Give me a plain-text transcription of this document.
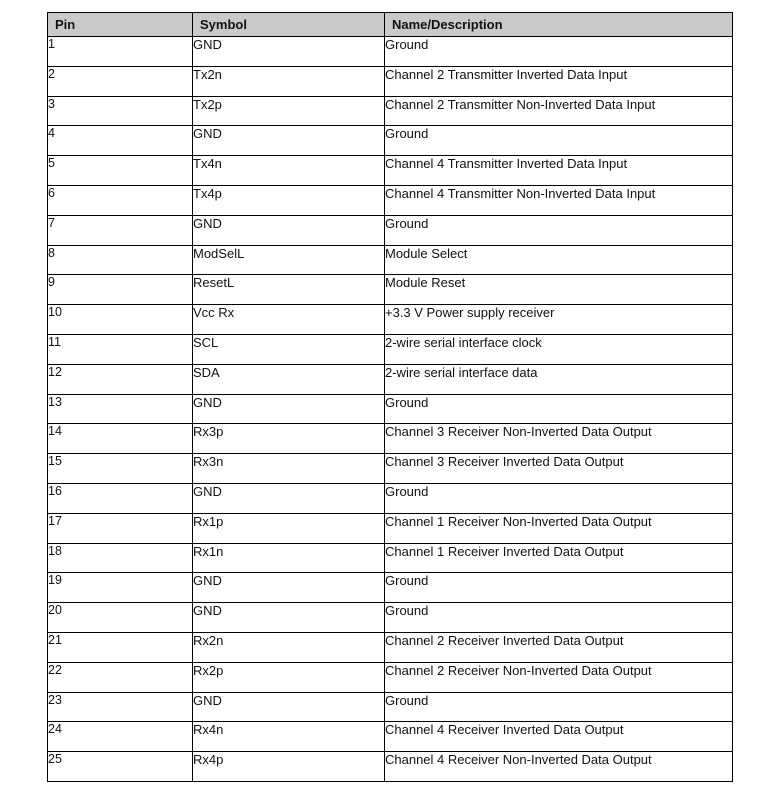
Pin	Symbol	Name/Description
1	GND	Ground
2	Tx2n	Channel 2 Transmitter Inverted Data Input
3	Tx2p	Channel 2 Transmitter Non-Inverted Data Input
4	GND	Ground
5	Tx4n	Channel 4 Transmitter Inverted Data Input
6	Tx4p	Channel 4 Transmitter Non-Inverted Data Input
7	GND	Ground
8	ModSelL	Module Select
9	ResetL	Module Reset
10	Vcc Rx	+3.3 V Power supply receiver
11	SCL	2-wire serial interface clock
12	SDA	2-wire serial interface data
13	GND	Ground
14	Rx3p	Channel 3 Receiver Non-Inverted Data Output
15	Rx3n	Channel 3 Receiver Inverted Data Output
16	GND	Ground
17	Rx1p	Channel 1 Receiver Non-Inverted Data Output
18	Rx1n	Channel 1 Receiver Inverted Data Output
19	GND	Ground
20	GND	Ground
21	Rx2n	Channel 2 Receiver Inverted Data Output
22	Rx2p	Channel 2 Receiver Non-Inverted Data Output
23	GND	Ground
24	Rx4n	Channel 4 Receiver Inverted Data Output
25	Rx4p	Channel 4 Receiver Non-Inverted Data Output
